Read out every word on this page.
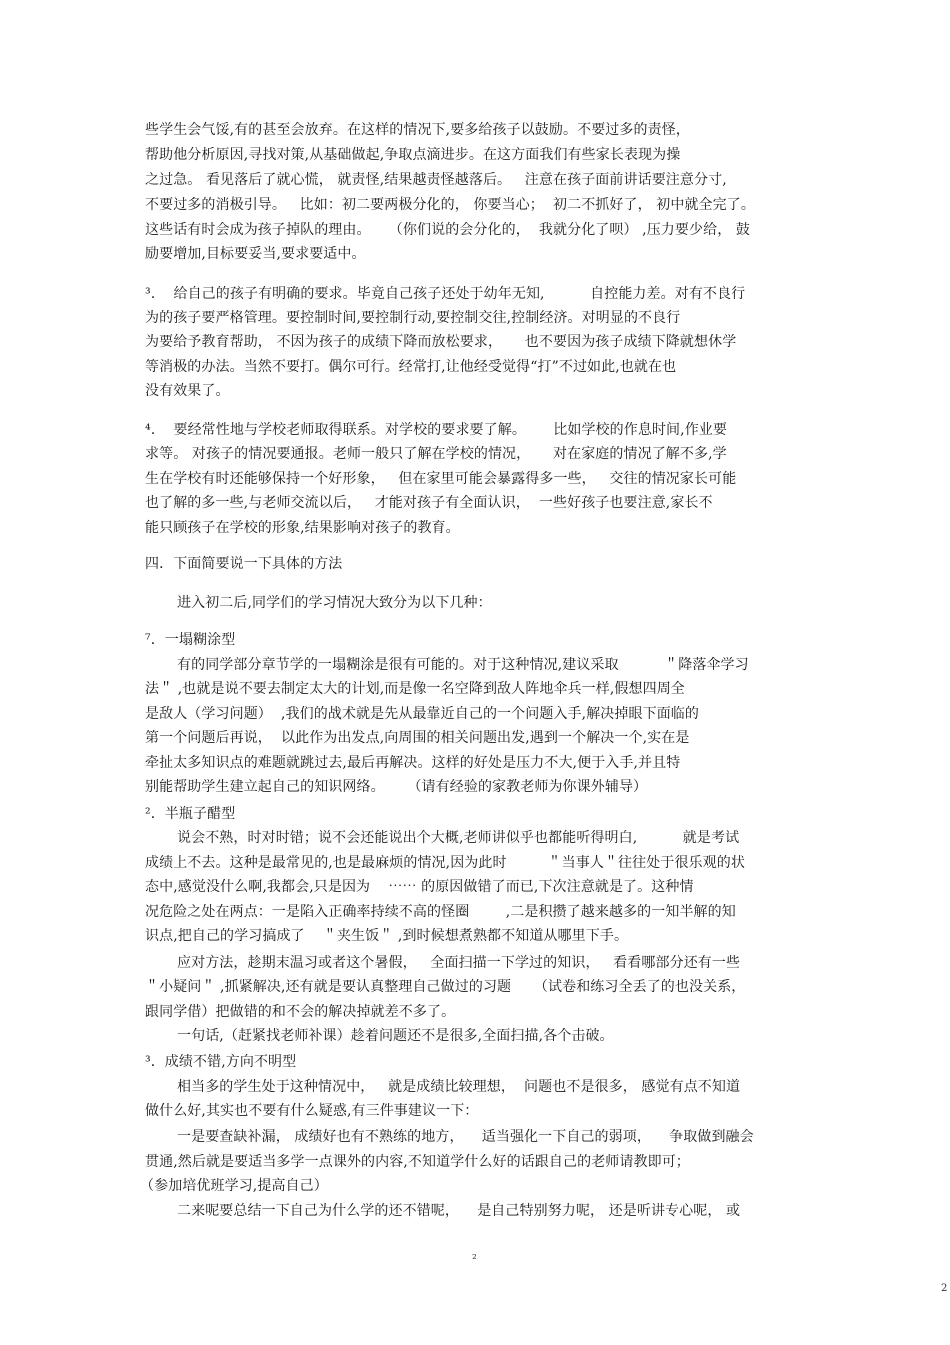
些学生会气馁,有的甚至会放弃。在这样的情况下,要多给孩子以鼓励。不要过多的责怪，
帮助他分析原因,寻找对策,从基础做起,争取点滴进步。在这方面我们有些家长表现为操
之过急。 看见落后了就心慌， 就责怪,结果越责怪越落后。   注意在孩子面前讲话要注意分寸,
不要过多的消极引导。   比如：初二要两极分化的， 你要当心；  初二不抓好了， 初中就全完了。
这些话有时会成为孩子掉队的理由。    （你们说的会分化的，  我就分化了呗） ,压力要少给， 鼓
励要增加,目标要妥当,要求要适中。
³.    给自己的孩子有明确的要求。毕竟自己孩子还处于幼年无知,          自控能力差。对有不良行
为的孩子要严格管理。要控制时间,要控制行动,要控制交往,控制经济。对明显的不良行
为要给予教育帮助， 不因为孩子的成绩下降而放松要求，     也不要因为孩子成绩下降就想休学
等消极的办法。当然不要打。偶尔可行。经常打,让他经受觉得“打”不过如此,也就在也
没有效果了。
⁴.    要经常性地与学校老师取得联系。对学校的要求要了解。      比如学校的作息时间,作业要
求等。 对孩子的情况要通报。老师一般只了解在学校的情况，     对在家庭的情况了解不多,学
生在学校有时还能够保持一个好形象，   但在家里可能会暴露得多一些，   交往的情况家长可能
也了解的多一些,与老师交流以后，   才能对孩子有全面认识，  一些好孩子也要注意,家长不
能只顾孩子在学校的形象,结果影响对孩子的教育。
四．下面简要说一下具体的方法
进入初二后,同学们的学习情况大致分为以下几种：
⁷．一塌糊涂型
有的同学部分章节学的一塌糊涂是很有可能的。对于这种情况,建议采取          ＂降落伞学习
法＂ ,也就是说不要去制定太大的计划,而是像一名空降到敌人阵地伞兵一样,假想四周全
是敌人（学习问题）  ,我们的战术就是先从最靠近自己的一个问题入手,解决掉眼下面临的
第一个问题后再说，  以此作为出发点,向周围的相关问题出发,遇到一个解决一个,实在是
牵扯太多知识点的难题就跳过去,最后再解决。这样的好处是压力不大,便于入手,并且特
别能帮助学生建立起自己的知识网络。     （请有经验的家教老师为你课外辅导）
²．半瓶子醋型
说会不熟，时对时错；说不会还能说出个大概,老师讲似乎也都能听得明白,          就是考试
成绩上不去。这种是最常见的,也是最麻烦的情况,因为此时         ＂当事人＂往往处于很乐观的状
态中,感觉没什么啊,我都会,只是因为    ⋯⋯ 的原因做错了而已,下次注意就是了。这种情
况危险之处在两点：一是陷入正确率持续不高的怪圈        ,二是积攒了越来越多的一知半解的知
识点,把自己的学习搞成了    ＂夹生饭＂ ,到时候想煮熟都不知道从哪里下手。
应对方法，趁期末温习或者这个暑假，   全面扫描一下学过的知识，   看看哪部分还有一些
＂小疑问＂ ,抓紧解决,还有就是要认真整理自己做过的习题     （试卷和练习全丢了的也没关系，
跟同学借）把做错的和不会的解决掉就差不多了。
一句话,（赶紧找老师补课）趁着问题还不是很多,全面扫描,各个击破。
³．成绩不错,方向不明型
相当多的学生处于这种情况中，   就是成绩比较理想，  问题也不是很多， 感觉有点不知道
做什么好,其实也不要有什么疑惑,有三件事建议一下：
一是要查缺补漏， 成绩好也有不熟练的地方，    适当强化一下自己的弱项，    争取做到融会
贯通,然后就是要适当多学一点课外的内容,不知道学什么好的话跟自己的老师请教即可；
（参加培优班学习,提高自己）
二来呢要总结一下自己为什么学的还不错呢，    是自己特别努力呢， 还是听讲专心呢， 或
²
2
